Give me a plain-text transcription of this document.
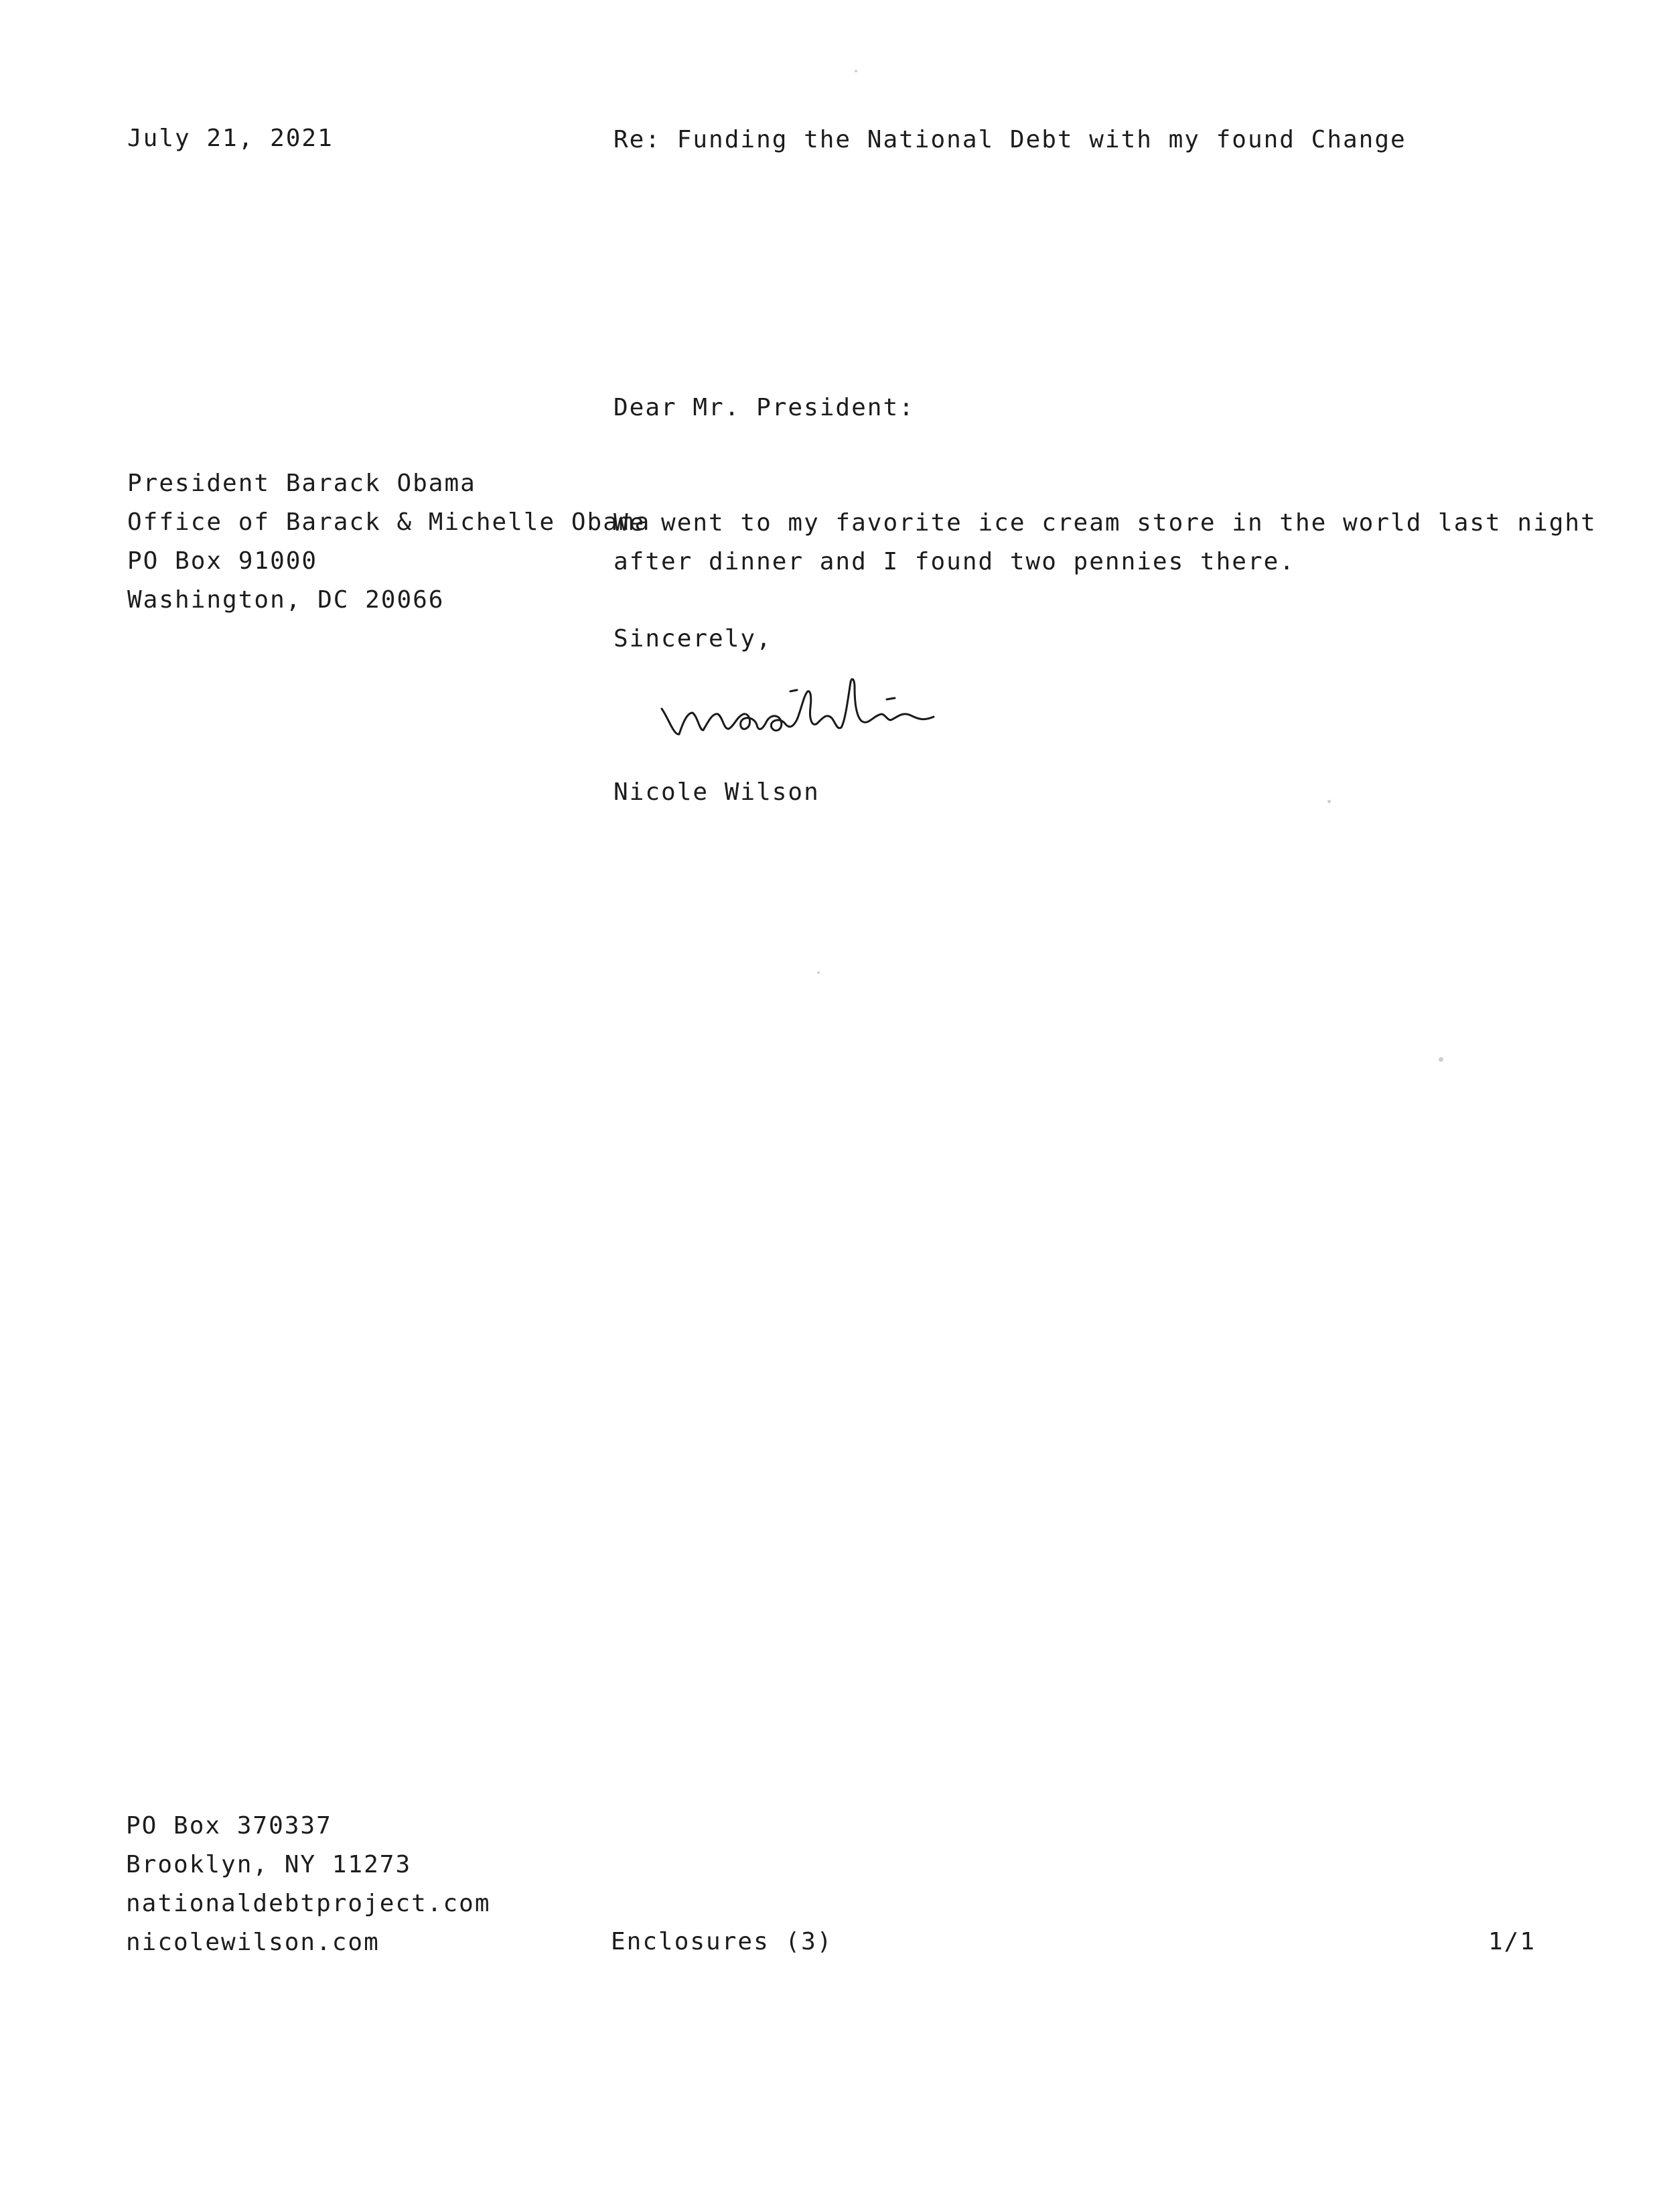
July 21, 2021	Re: Funding the National Debt with my found Change
Dear Mr. President:
President Barack Obama
Office of Barack & Michelle Obama
PO Box 91000
Washington, DC 20066
We went to my favorite ice cream store in the world last night
after dinner and I found two pennies there.
Sincerely,
Nicole Wilson
PO Box 370337
Brooklyn, NY 11273
nationaldebtproject.com
nicolewilson.com	Enclosures (3)	1/1
